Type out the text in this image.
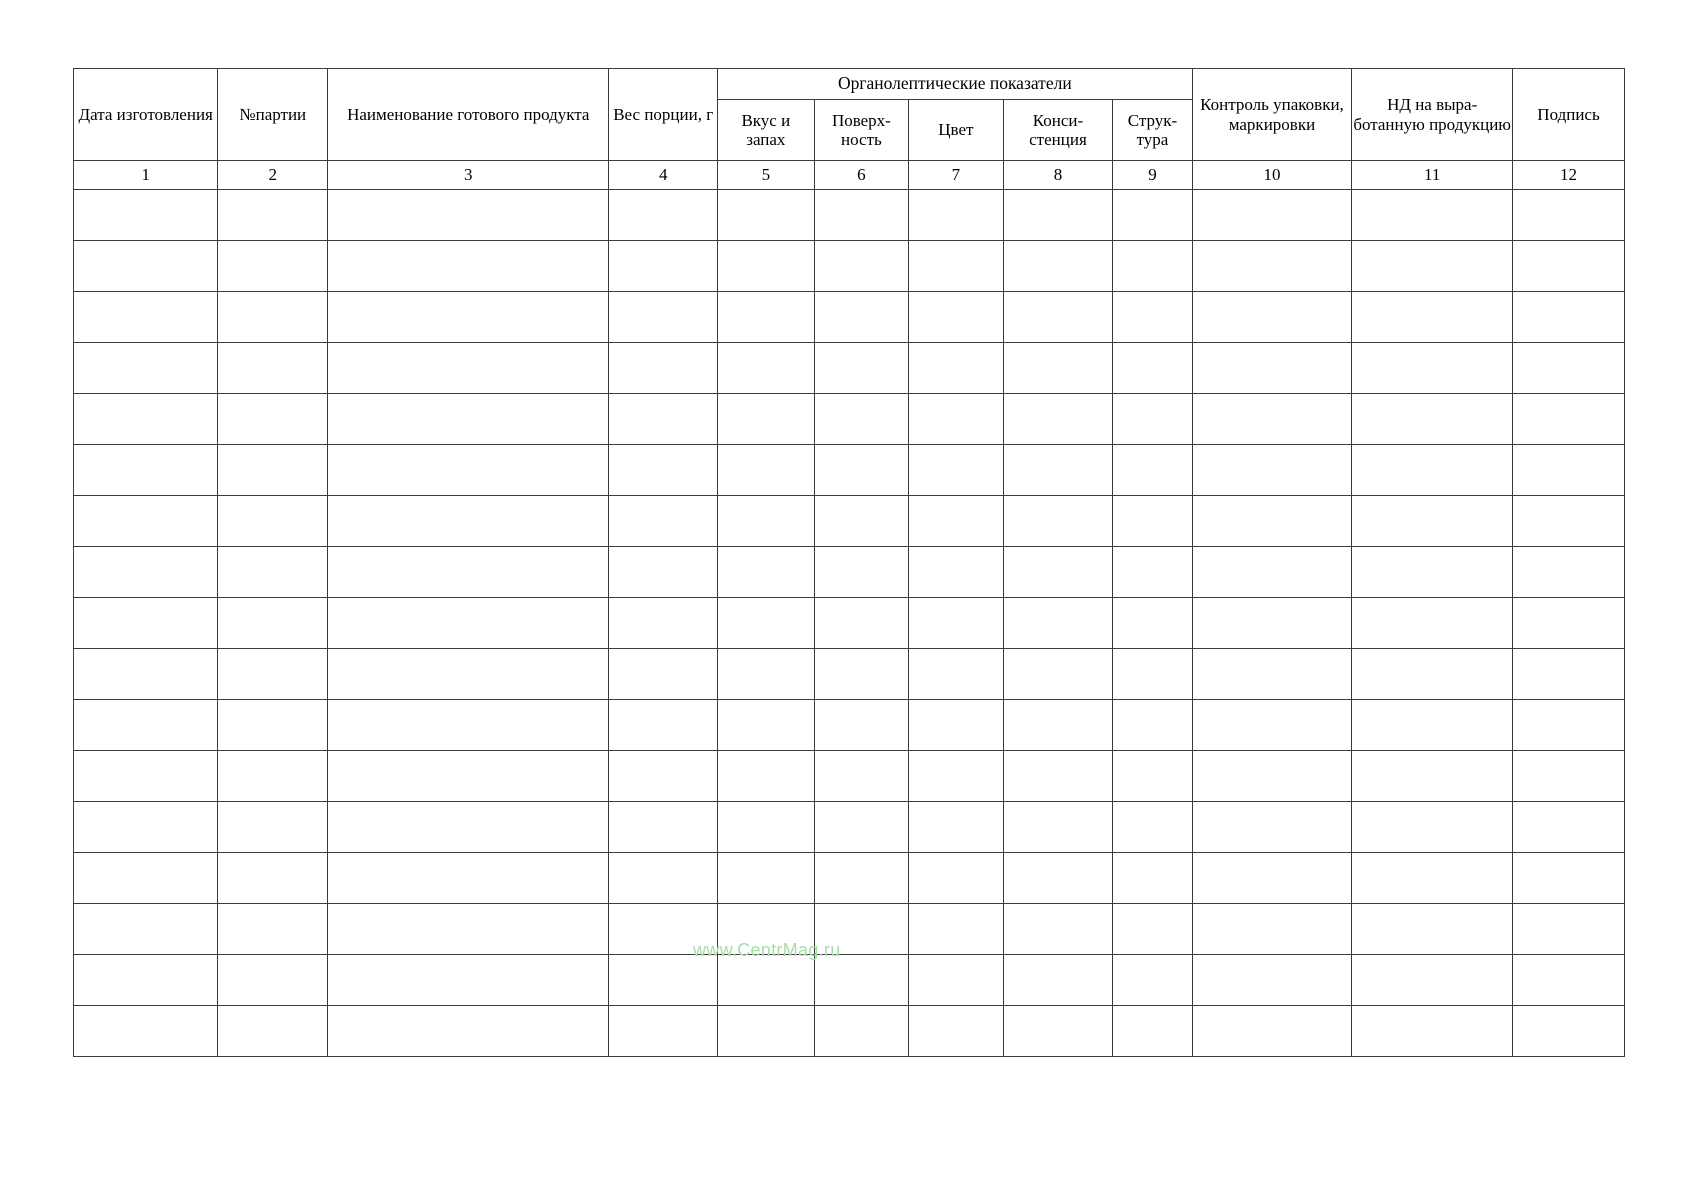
Дата изготовления	№партии	Наименование готового продукта	Вес порции, г	Органолептические показатели					Контроль упаковки, маркировки	НД на выра-ботанную продукцию	Подпись
				Вкус и запах	Поверх-ность	Цвет	Конси-стенция	Струк-тура			
1	2	3	4	5	6	7	8	9	10	11	12

www.CentrMag.ru
